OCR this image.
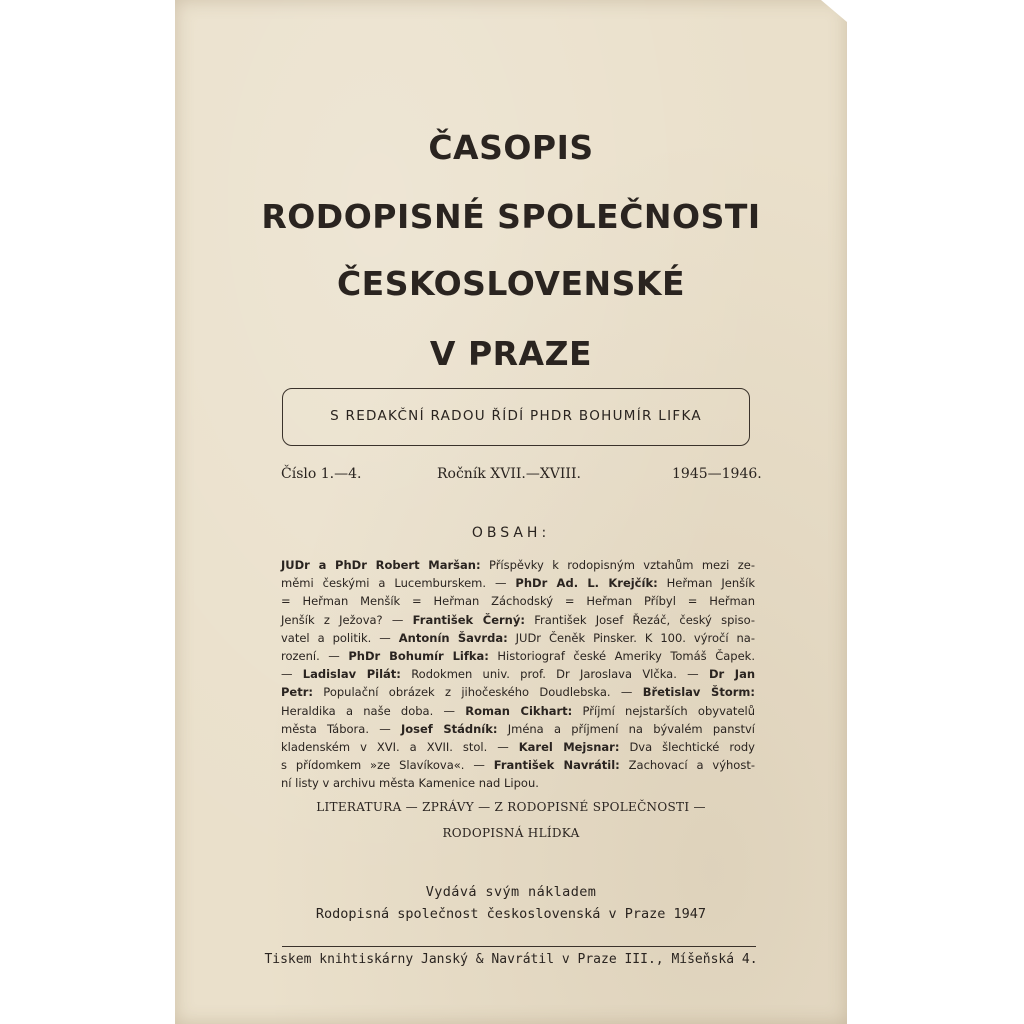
ČASOPIS
RODOPISNÉ SPOLEČNOSTI
ČESKOSLOVENSKÉ
V PRAZE
S REDAKČNÍ RADOU ŘÍDÍ PHDR BOHUMÍR LIFKA
Číslo 1.—4.	Ročník XVII.—XVIII.	1945—1946.
OBSAH:
JUDr a PhDr Robert Maršan: Příspěvky k rodopisným vztahům mezi ze-
měmi českými a Lucemburskem. — PhDr Ad. L. Krejčík: Heřman Jenšík
= Heřman Menšík = Heřman Záchodský = Heřman Příbyl = Heřman
Jenšík z Ježova? — František Černý: František Josef Řezáč, český spiso-
vatel a politik. — Antonín Šavrda: JUDr Čeněk Pinsker. K 100. výročí na-
rození. — PhDr Bohumír Lifka: Historiograf české Ameriky Tomáš Čapek.
— Ladislav Pilát: Rodokmen univ. prof. Dr Jaroslava Vlčka. — Dr Jan
Petr: Populační obrázek z jihočeského Doudlebska. — Břetislav Štorm:
Heraldika a naše doba. — Roman Cikhart: Příjmí nejstarších obyvatelů
města Tábora. — Josef Stádník: Jména a příjmení na bývalém panství
kladenském v XVI. a XVII. stol. — Karel Mejsnar: Dva šlechtické rody
s přídomkem »ze Slavíkova«. — František Navrátil: Zachovací a výhost-
ní listy v archivu města Kamenice nad Lipou.
LITERATURA — ZPRÁVY — Z RODOPISNÉ SPOLEČNOSTI —
RODOPISNÁ HLÍDKA
Vydává svým nákladem
Rodopisná společnost československá v Praze 1947
Tiskem knihtiskárny Janský & Navrátil v Praze III., Míšeňská 4.
